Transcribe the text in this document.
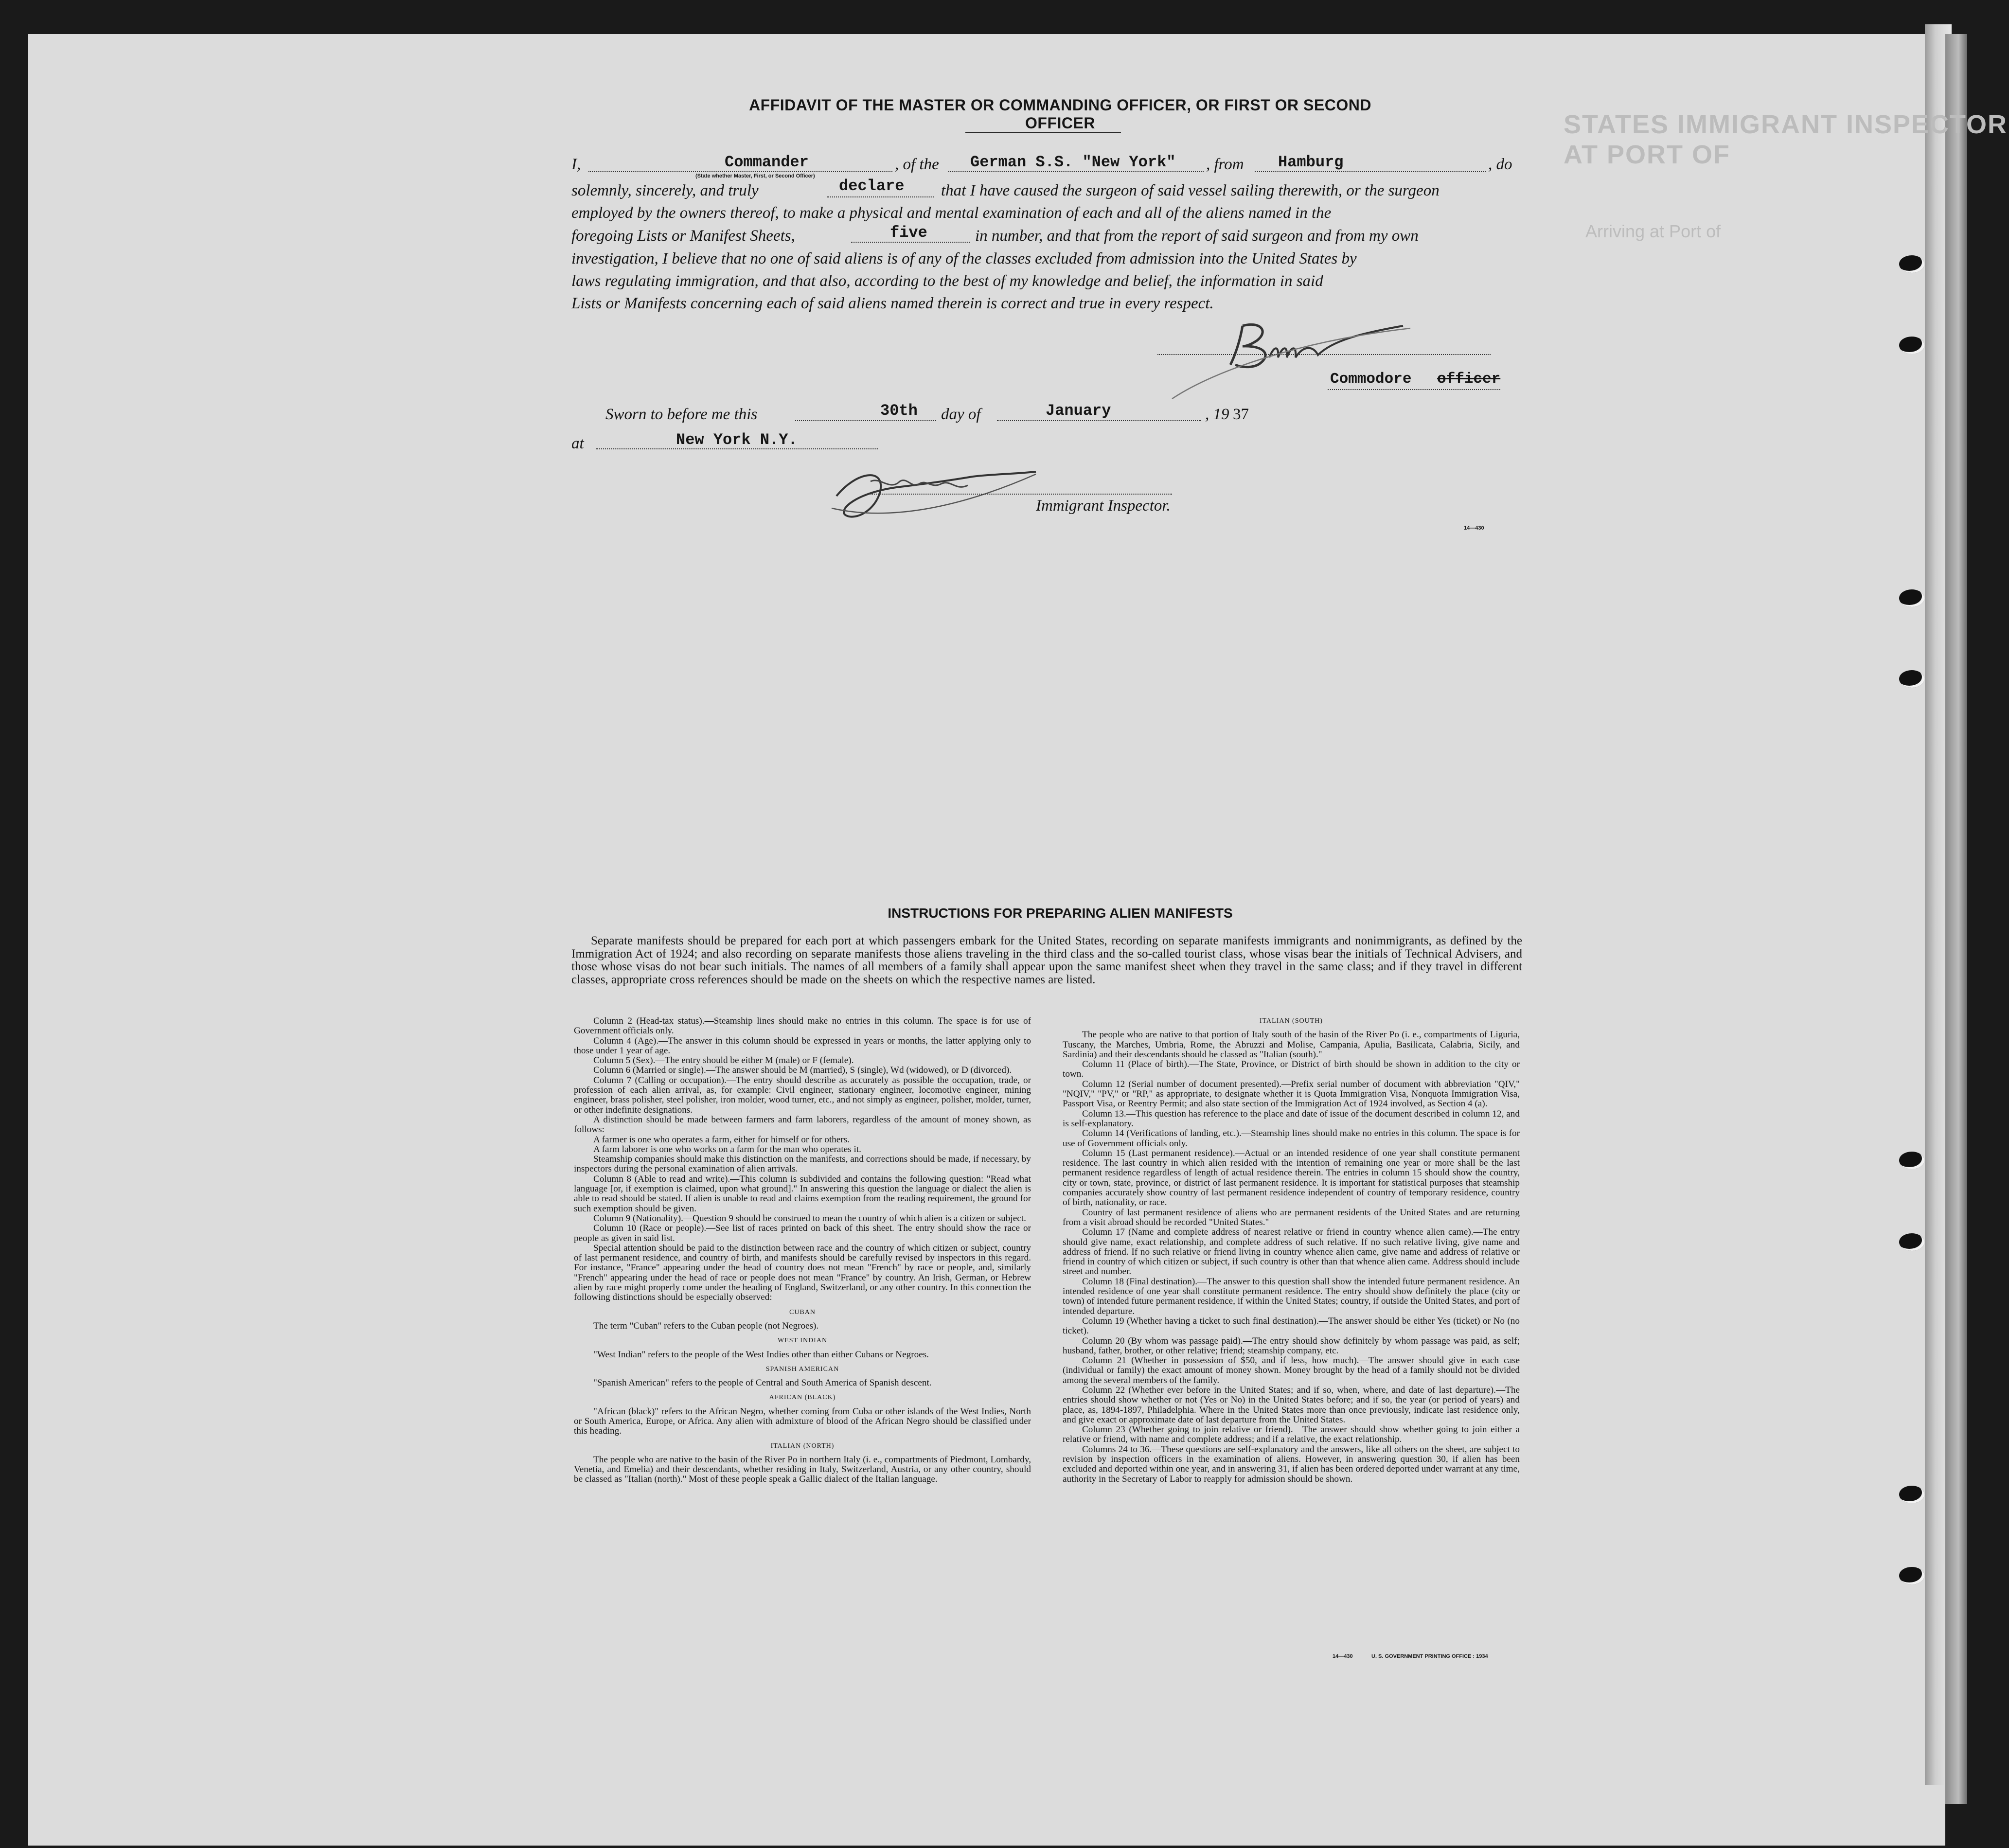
STATES IMMIGRANT INSPECTOR AT PORT OF
Arriving at Port of
AFFIDAVIT OF THE MASTER OR COMMANDING OFFICER, OR FIRST OR SECOND OFFICER
I,	, of the	, from	, do
Commander	German S.S. "New York"	Hamburg
(State whether Master, First, or Second Officer)
solemnly, sincerely, and truly	that I have caused the surgeon of said vessel sailing therewith, or the surgeon
declare
employed by the owners thereof, to make a physical and mental examination of each and all of the aliens named in the
foregoing Lists or Manifest Sheets,	in number, and that from the report of said surgeon and from my own
five
investigation, I believe that no one of said aliens is of any of the classes excluded from admission into the United States by
laws regulating immigration, and that also, according to the best of my knowledge and belief, the information in said
Lists or Manifests concerning each of said aliens named therein is correct and true in every respect.
Commodore officer
Sworn to before me this	day of	, 19 37
30th	January
at	New York N.Y.
Immigrant Inspector.
14—430
INSTRUCTIONS FOR PREPARING ALIEN MANIFESTS
Separate manifests should be prepared for each port at which passengers embark for the United States, recording on separate manifests immigrants and nonimmigrants, as defined by the Immigration Act of 1924; and also recording on separate manifests those aliens traveling in the third class and the so-called tourist class, whose visas bear the initials of Technical Advisers, and those whose visas do not bear such initials. The names of all members of a family shall appear upon the same manifest sheet when they travel in the same class; and if they travel in different classes, appropriate cross references should be made on the sheets on which the respective names are listed.

Column 2 (Head-tax status).—Steamship lines should make no entries in this column. The space is for use of Government officials only.

Column 4 (Age).—The answer in this column should be expressed in years or months, the latter applying only to those under 1 year of age.

Column 5 (Sex).—The entry should be either M (male) or F (female).

Column 6 (Married or single).—The answer should be M (married), S (single), Wd (widowed), or D (divorced).

Column 7 (Calling or occupation).—The entry should describe as accurately as possible the occupation, trade, or profession of each alien arrival, as, for example: Civil engineer, stationary engineer, locomotive engineer, mining engineer, brass polisher, steel polisher, iron molder, wood turner, etc., and not simply as engineer, polisher, molder, turner, or other indefinite designations.

A distinction should be made between farmers and farm laborers, regardless of the amount of money shown, as follows:

A farmer is one who operates a farm, either for himself or for others.

A farm laborer is one who works on a farm for the man who operates it.

Steamship companies should make this distinction on the manifests, and corrections should be made, if necessary, by inspectors during the personal examination of alien arrivals.

Column 8 (Able to read and write).—This column is subdivided and contains the following question: "Read what language [or, if exemption is claimed, upon what ground]." In answering this question the language or dialect the alien is able to read should be stated. If alien is unable to read and claims exemption from the reading requirement, the ground for such exemption should be given.

Column 9 (Nationality).—Question 9 should be construed to mean the country of which alien is a citizen or subject.

Column 10 (Race or people).—See list of races printed on back of this sheet. The entry should show the race or people as given in said list.

Special attention should be paid to the distinction between race and the country of which citizen or subject, country of last permanent residence, and country of birth, and manifests should be carefully revised by inspectors in this regard. For instance, "France" appearing under the head of country does not mean "French" by race or people, and, similarly "French" appearing under the head of race or people does not mean "France" by country. An Irish, German, or Hebrew alien by race might properly come under the heading of England, Switzerland, or any other country. In this connection the following distinctions should be especially observed:

CUBAN

The term "Cuban" refers to the Cuban people (not Negroes).

WEST INDIAN

"West Indian" refers to the people of the West Indies other than either Cubans or Negroes.

SPANISH AMERICAN

"Spanish American" refers to the people of Central and South America of Spanish descent.

AFRICAN (BLACK)

"African (black)" refers to the African Negro, whether coming from Cuba or other islands of the West Indies, North or South America, Europe, or Africa. Any alien with admixture of blood of the African Negro should be classified under this heading.

ITALIAN (NORTH)

The people who are native to the basin of the River Po in northern Italy (i. e., compartments of Piedmont, Lombardy, Venetia, and Emelia) and their descendants, whether residing in Italy, Switzerland, Austria, or any other country, should be classed as "Italian (north)." Most of these people speak a Gallic dialect of the Italian language.

ITALIAN (SOUTH)

The people who are native to that portion of Italy south of the basin of the River Po (i. e., compartments of Liguria, Tuscany, the Marches, Umbria, Rome, the Abruzzi and Molise, Campania, Apulia, Basilicata, Calabria, Sicily, and Sardinia) and their descendants should be classed as "Italian (south)."

Column 11 (Place of birth).—The State, Province, or District of birth should be shown in addition to the city or town.

Column 12 (Serial number of document presented).—Prefix serial number of document with abbreviation "QIV," "NQIV," "PV," or "RP," as appropriate, to designate whether it is Quota Immigration Visa, Nonquota Immigration Visa, Passport Visa, or Reentry Permit; and also state section of the Immigration Act of 1924 involved, as Section 4 (a).

Column 13.—This question has reference to the place and date of issue of the document described in column 12, and is self-explanatory.

Column 14 (Verifications of landing, etc.).—Steamship lines should make no entries in this column. The space is for use of Government officials only.

Column 15 (Last permanent residence).—Actual or an intended residence of one year shall constitute permanent residence. The last country in which alien resided with the intention of remaining one year or more shall be the last permanent residence regardless of length of actual residence therein. The entries in column 15 should show the country, city or town, state, province, or district of last permanent residence. It is important for statistical purposes that steamship companies accurately show country of last permanent residence independent of country of temporary residence, country of birth, nationality, or race.

Country of last permanent residence of aliens who are permanent residents of the United States and are returning from a visit abroad should be recorded "United States."

Column 17 (Name and complete address of nearest relative or friend in country whence alien came).—The entry should give name, exact relationship, and complete address of such relative. If no such relative living, give name and address of friend. If no such relative or friend living in country whence alien came, give name and address of relative or friend in country of which citizen or subject, if such country is other than that whence alien came. Address should include street and number.

Column 18 (Final destination).—The answer to this question shall show the intended future permanent residence. An intended residence of one year shall constitute permanent residence. The entry should show definitely the place (city or town) of intended future permanent residence, if within the United States; country, if outside the United States, and port of intended departure.

Column 19 (Whether having a ticket to such final destination).—The answer should be either Yes (ticket) or No (no ticket).

Column 20 (By whom was passage paid).—The entry should show definitely by whom passage was paid, as self; husband, father, brother, or other relative; friend; steamship company, etc.

Column 21 (Whether in possession of $50, and if less, how much).—The answer should give in each case (individual or family) the exact amount of money shown. Money brought by the head of a family should not be divided among the several members of the family.

Column 22 (Whether ever before in the United States; and if so, when, where, and date of last departure).—The entries should show whether or not (Yes or No) in the United States before; and if so, the year (or period of years) and place, as, 1894-1897, Philadelphia. Where in the United States more than once previously, indicate last residence only, and give exact or approximate date of last departure from the United States.

Column 23 (Whether going to join relative or friend).—The answer should show whether going to join either a relative or friend, with name and complete address; and if a relative, the exact relationship.

Columns 24 to 36.—These questions are self-explanatory and the answers, like all others on the sheet, are subject to revision by inspection officers in the examination of aliens. However, in answering question 30, if alien has been excluded and deported within one year, and in answering 31, if alien has been ordered deported under warrant at any time, authority in the Secretary of Labor to reapply for admission should be shown.

14—430	U. S. GOVERNMENT PRINTING OFFICE : 1934
